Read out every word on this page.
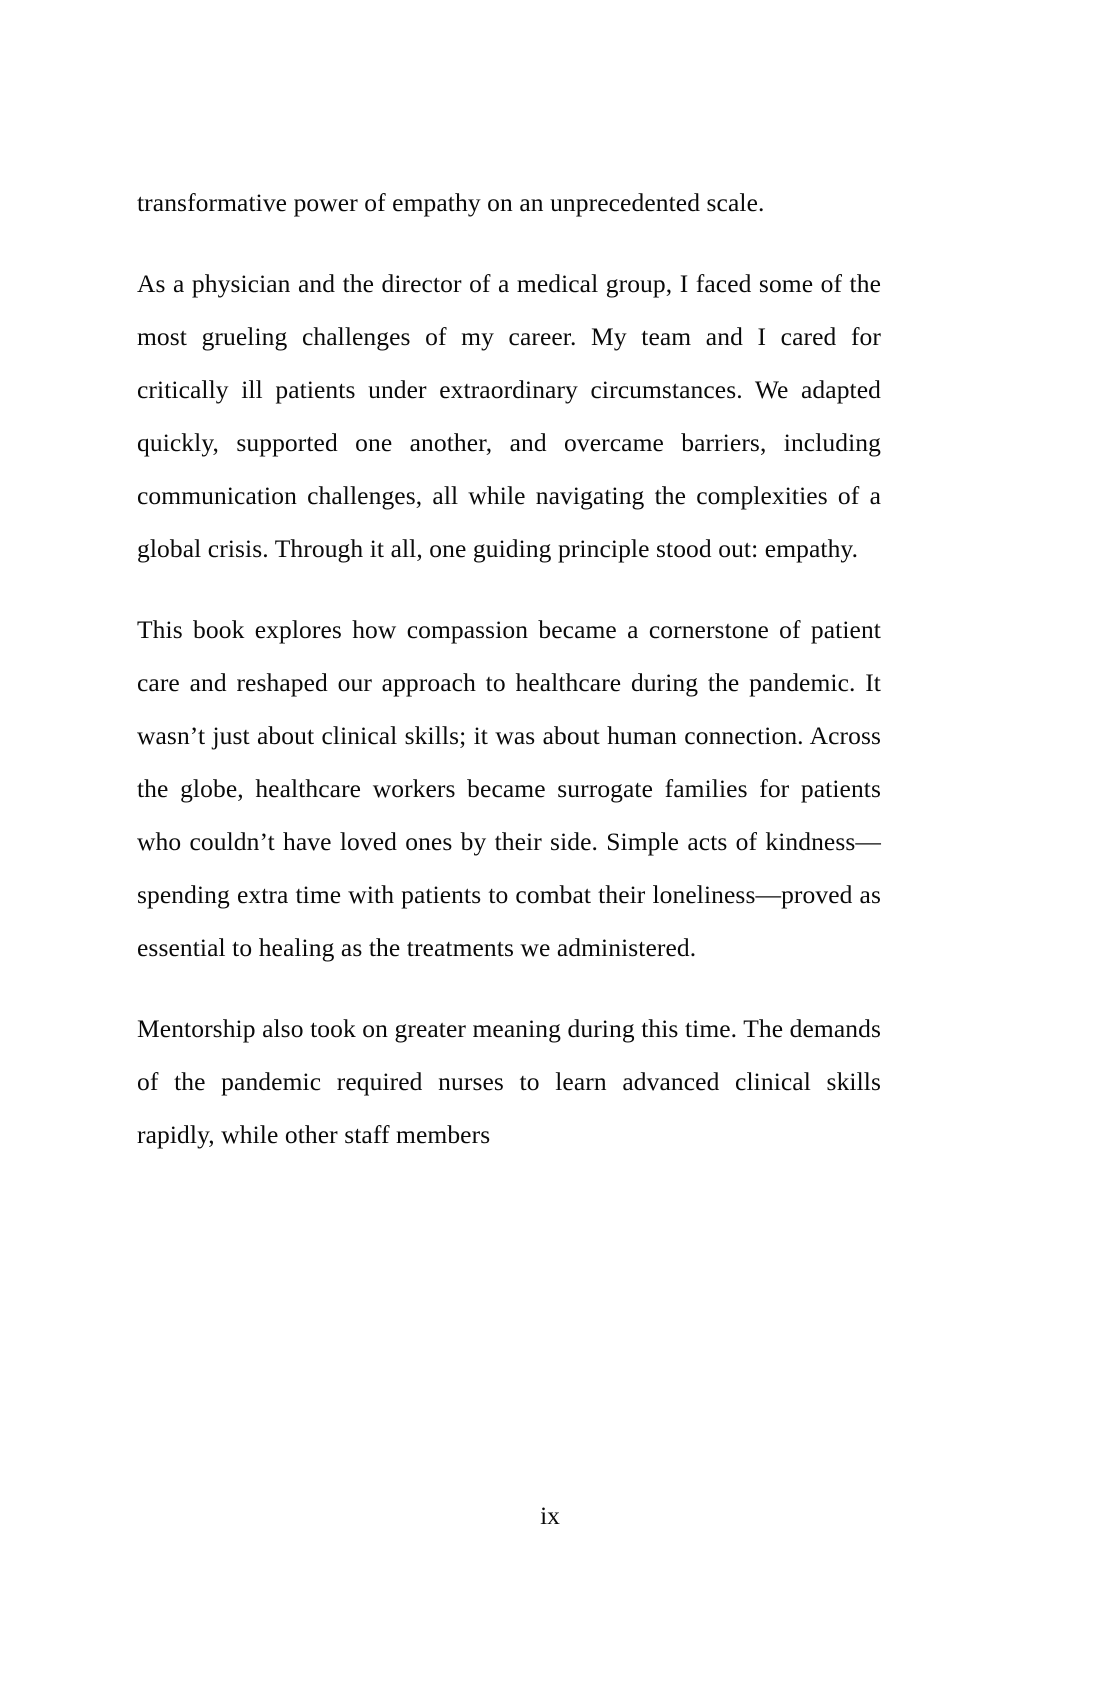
transformative power of empathy on an unprecedented scale.

As a physician and the director of a medical group, I faced some of the most grueling challenges of my career. My team and I cared for critically ill patients under extraordinary circumstances. We adapted quickly, supported one another, and overcame barriers, including communication challenges, all while navigating the complexities of a global crisis. Through it all, one guiding principle stood out: empathy.

This book explores how compassion became a cornerstone of patient care and reshaped our approach to healthcare during the pandemic. It wasn’t just about clinical skills; it was about human connection. Across the globe, healthcare workers became surrogate families for patients who couldn’t have loved ones by their side. Simple acts of kindness—spending extra time with patients to combat their loneliness—proved as essential to healing as the treatments we administered.

Mentorship also took on greater meaning during this time. The demands of the pandemic required nurses to learn advanced clinical skills rapidly, while other staff members

ix
